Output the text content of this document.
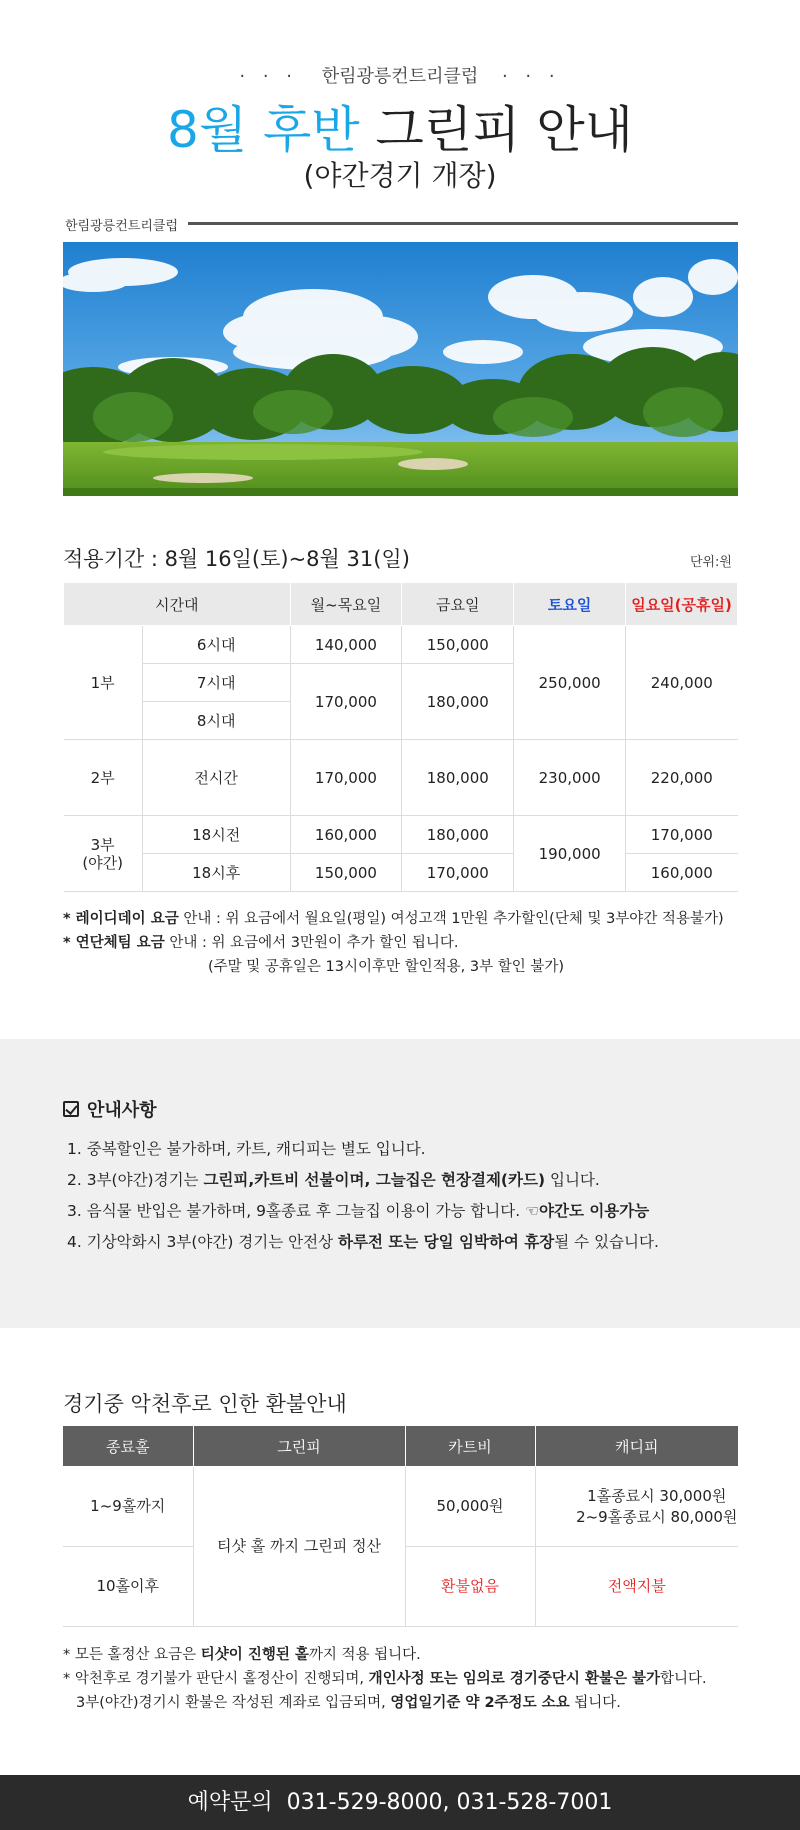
· · · 한림광릉컨트리클럽 · · ·
8월 후반 그린피 안내
(야간경기 개장)
한림광릉컨트리클럽
적용기간 : 8월 16일(토)~8월 31(일)	단위:원
시간대		월~목요일	금요일	토요일	일요일(공휴일)
1부	6시대	140,000	150,000	250,000	240,000
	7시대	170,000	180,000		
	8시대				
2부	전시간	170,000	180,000	230,000	220,000
3부
(야간)	18시전	160,000	180,000	190,000	170,000
	18시후	150,000	170,000		160,000
* 레이디데이 요금 안내 : 위 요금에서 월요일(평일) 여성고객 1만원 추가할인(단체 및 3부야간 적용불가)
* 연단체팀 요금 안내 : 위 요금에서 3만원이 추가 할인 됩니다.
(주말 및 공휴일은 13시이후만 할인적용, 3부 할인 불가)
안내사항
1. 중복할인은 불가하며, 카트, 캐디피는 별도 입니다.
2. 3부(야간)경기는 그린피,카트비 선불이며, 그늘집은 현장결제(카드) 입니다.
3. 음식물 반입은 불가하며, 9홀종료 후 그늘집 이용이 가능 합니다. ☜야간도 이용가능
4. 기상악화시 3부(야간) 경기는 안전상 하루전 또는 당일 임박하여 휴장될 수 있습니다.
경기중 악천후로 인한 환불안내
종료홀	그린피	카트비	캐디피
1~9홀까지	티샷 홀 까지 그린피 정산	50,000원	1홀종료시 30,000원
2~9홀종료시 80,000원
10홀이후		환불없음	전액지불
* 모든 홀정산 요금은 티샷이 진행된 홀까지 적용 됩니다.
* 악천후로 경기불가 판단시 홀정산이 진행되며, 개인사정 또는 임의로 경기중단시 환불은 불가합니다.
3부(야간)경기시 환불은 작성된 계좌로 입금되며, 영업일기준 약 2주정도 소요 됩니다.
예약문의 031-529-8000, 031-528-7001
